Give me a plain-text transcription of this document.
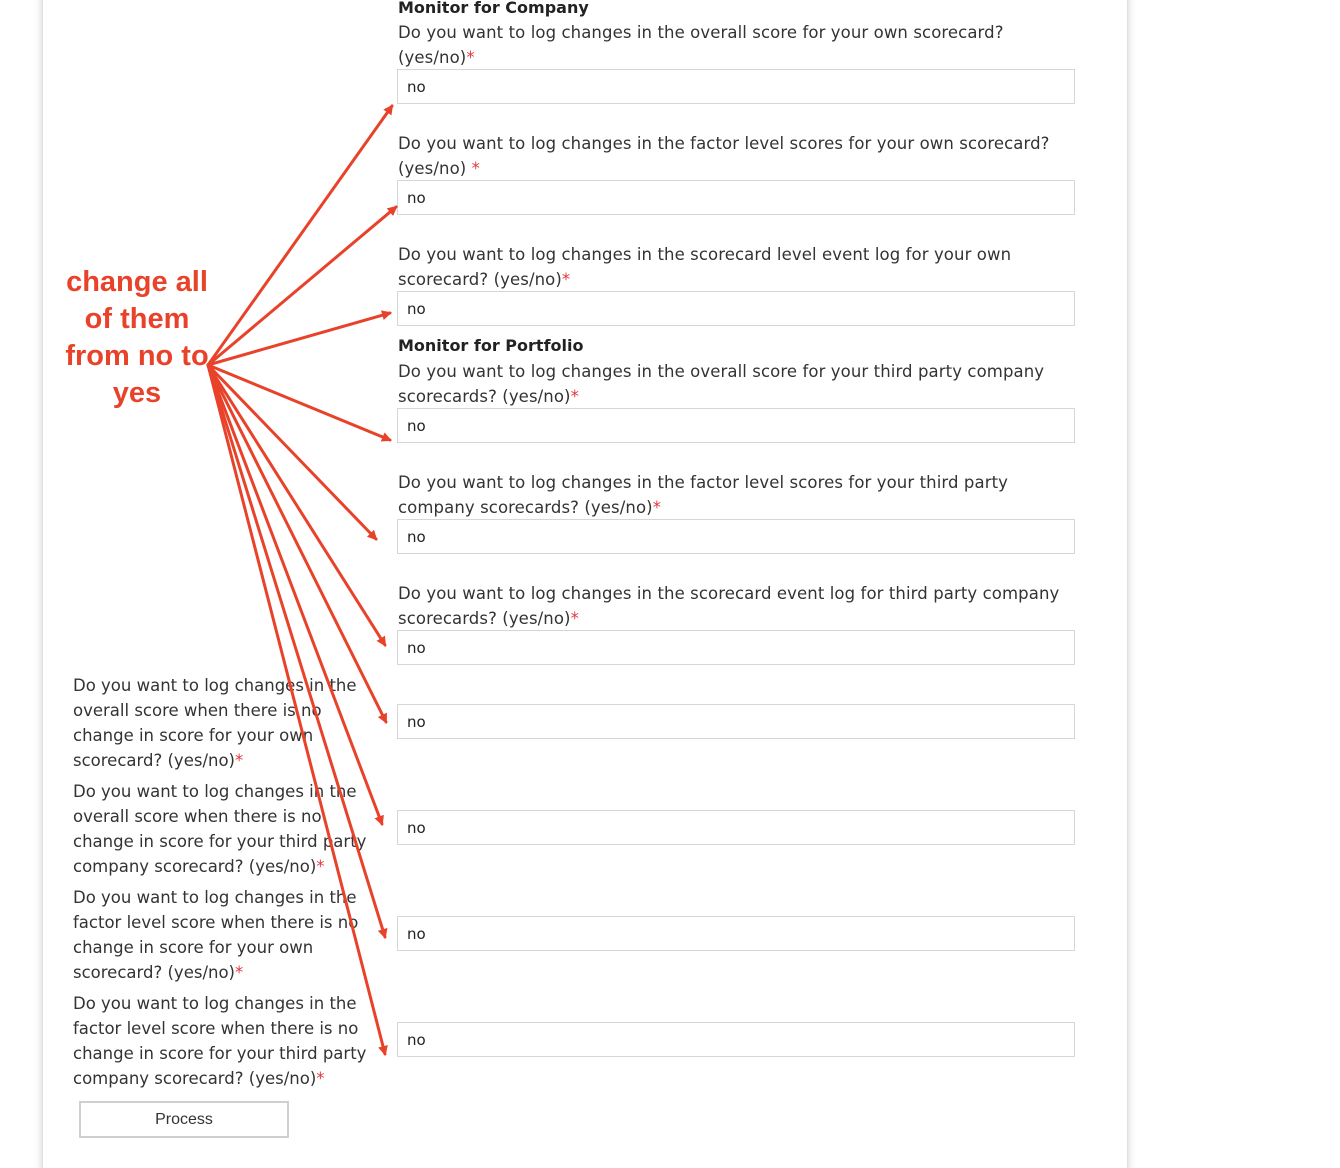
Monitor for Company
Do you want to log changes in the overall score for your own scorecard? (yes/no)*
no
Do you want to log changes in the factor level scores for your own scorecard? (yes/no) *
no
Do you want to log changes in the scorecard level event log for your own scorecard? (yes/no)*
no
Monitor for Portfolio
Do you want to log changes in the overall score for your third party company scorecards? (yes/no)*
no
Do you want to log changes in the factor level scores for your third party company scorecards? (yes/no)*
no
Do you want to log changes in the scorecard event log for third party company scorecards? (yes/no)*
no
Do you want to log changes in the overall score when there is no change in score for your own scorecard? (yes/no)*
no
Do you want to log changes in the overall score when there is no change in score for your third party company scorecard? (yes/no)*
no
Do you want to log changes in the factor level score when there is no change in score for your own scorecard? (yes/no)*
no
Do you want to log changes in the factor level score when there is no change in score for your third party company scorecard? (yes/no)*
no
Process
change all of them from no to yes
